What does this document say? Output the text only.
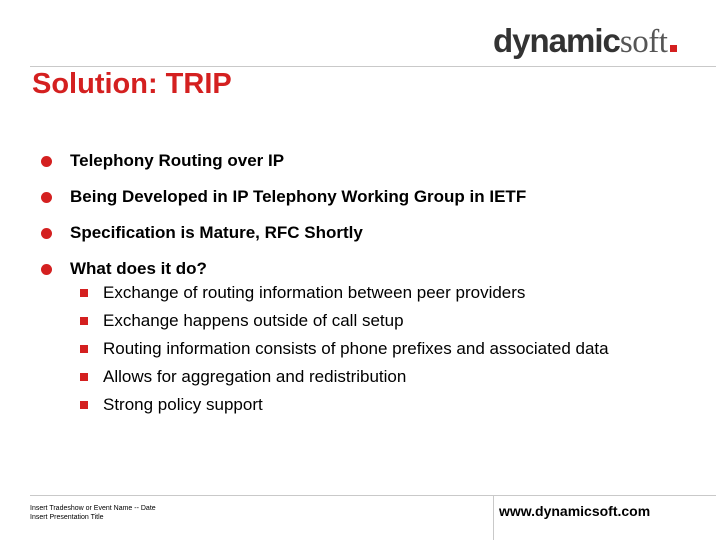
dynamic soft
Solution: TRIP
Telephony Routing over IP
Being Developed in IP Telephony Working Group in IETF
Specification is Mature, RFC Shortly
What does it do?
Exchange of routing information between peer providers
Exchange happens outside of call setup
Routing information consists of phone prefixes and associated data
Allows for aggregation and redistribution
Strong policy support
Insert Tradeshow or Event Name -- Date
Insert Presentation Title	www.dynamicsoft.com
